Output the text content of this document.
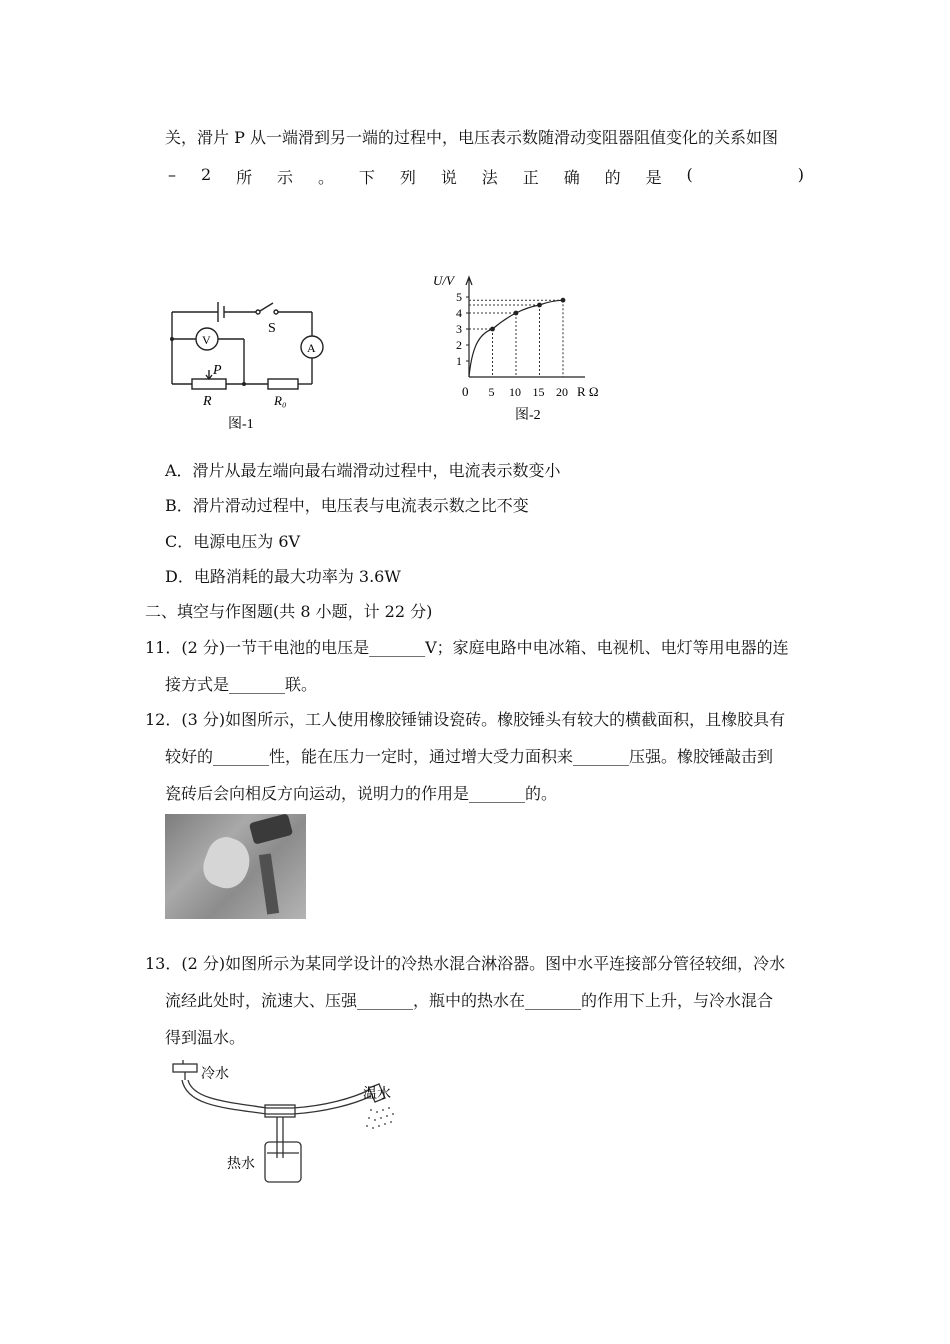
关，滑片 P 从一端滑到另一端的过程中，电压表示数随滑动变阻器阻值变化的关系如图
– 2 所 示 。 下 列 说 法 正 确 的 是 (	)
S
V
A
P
R	R₀
图-1
1
2
3
4
5
5 10 15 20
U/V
R Ω
0
图-2
A．滑片从最左端向最右端滑动过程中，电流表示数变小
B．滑片滑动过程中，电压表与电流表示数之比不变
C．电源电压为 6V
D．电路消耗的最大功率为 3.6W
二、填空与作图题(共 8 小题，计 22 分)
11．(2 分)一节干电池的电压是_______V；家庭电路中电冰箱、电视机、电灯等用电器的连
接方式是_______联。
12．(3 分)如图所示，工人使用橡胶锤铺设瓷砖。橡胶锤头有较大的横截面积，且橡胶具有
较好的_______性，能在压力一定时，通过增大受力面积来_______压强。橡胶锤敲击到
瓷砖后会向相反方向运动，说明力的作用是_______的。
13．(2 分)如图所示为某同学设计的冷热水混合淋浴器。图中水平连接部分管径较细，冷水
流经此处时，流速大、压强_______，瓶中的热水在_______的作用下上升，与冷水混合
得到温水。
冷水
温水
热水
